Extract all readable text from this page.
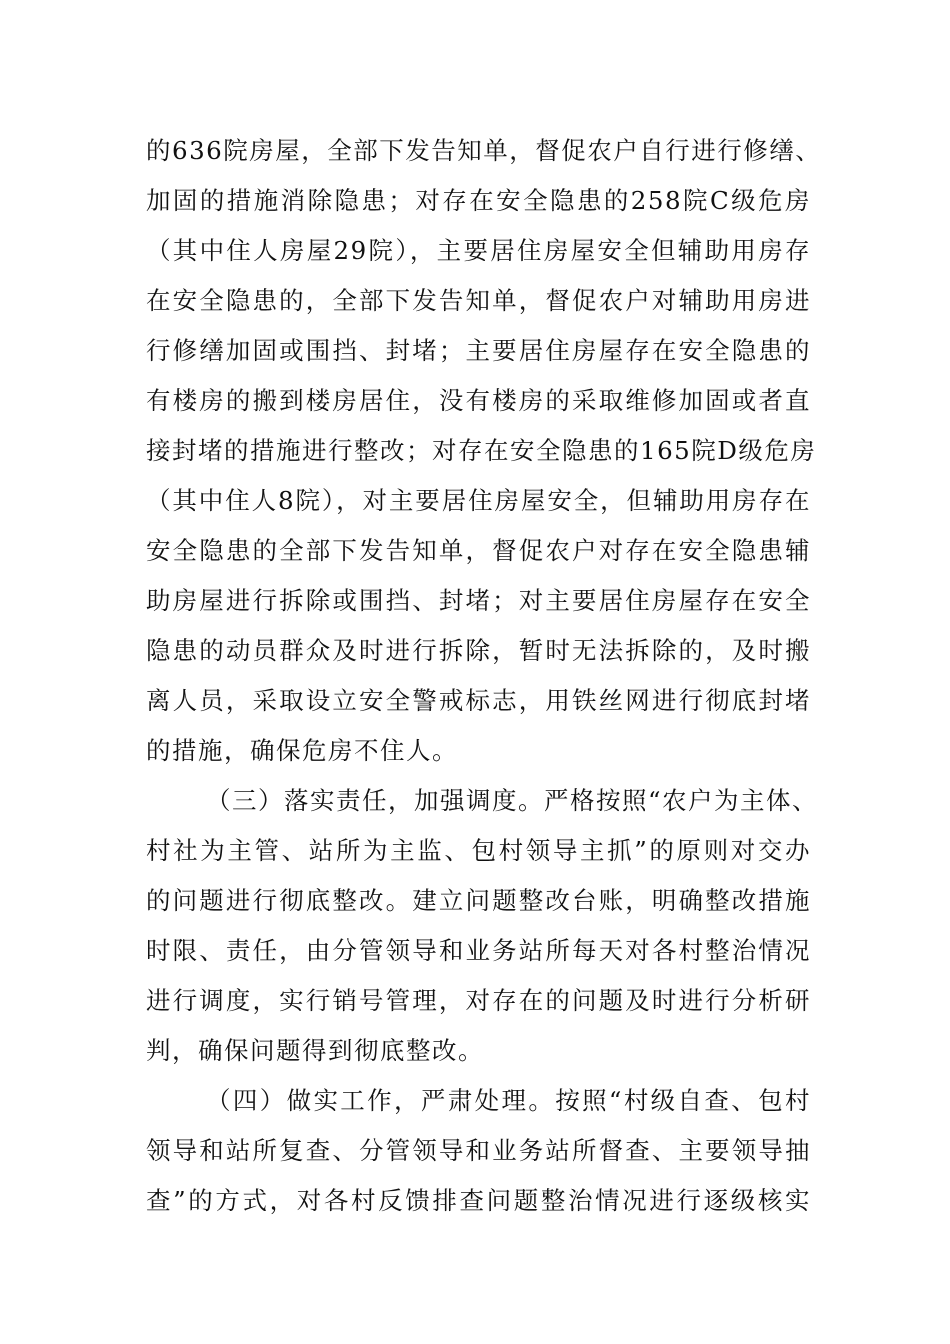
的636院房屋，全部下发告知单，督促农户自行进行修缮、
加固的措施消除隐患；对存在安全隐患的258院C级危房
（其中住人房屋29院），主要居住房屋安全但辅助用房存
在安全隐患的，全部下发告知单，督促农户对辅助用房进
行修缮加固或围挡、封堵；主要居住房屋存在安全隐患的
有楼房的搬到楼房居住，没有楼房的采取维修加固或者直
接封堵的措施进行整改；对存在安全隐患的165院D级危房
（其中住人8院），对主要居住房屋安全，但辅助用房存在
安全隐患的全部下发告知单，督促农户对存在安全隐患辅
助房屋进行拆除或围挡、封堵；对主要居住房屋存在安全
隐患的动员群众及时进行拆除，暂时无法拆除的，及时搬
离人员，采取设立安全警戒标志，用铁丝网进行彻底封堵
的措施，确保危房不住人。
（三）落实责任，加强调度。严格按照“农户为主体、
村社为主管、站所为主监、包村领导主抓”的原则对交办
的问题进行彻底整改。建立问题整改台账，明确整改措施
时限、责任，由分管领导和业务站所每天对各村整治情况
进行调度，实行销号管理，对存在的问题及时进行分析研
判，确保问题得到彻底整改。
（四）做实工作，严肃处理。按照“村级自查、包村
领导和站所复查、分管领导和业务站所督查、主要领导抽
查”的方式，对各村反馈排查问题整治情况进行逐级核实
